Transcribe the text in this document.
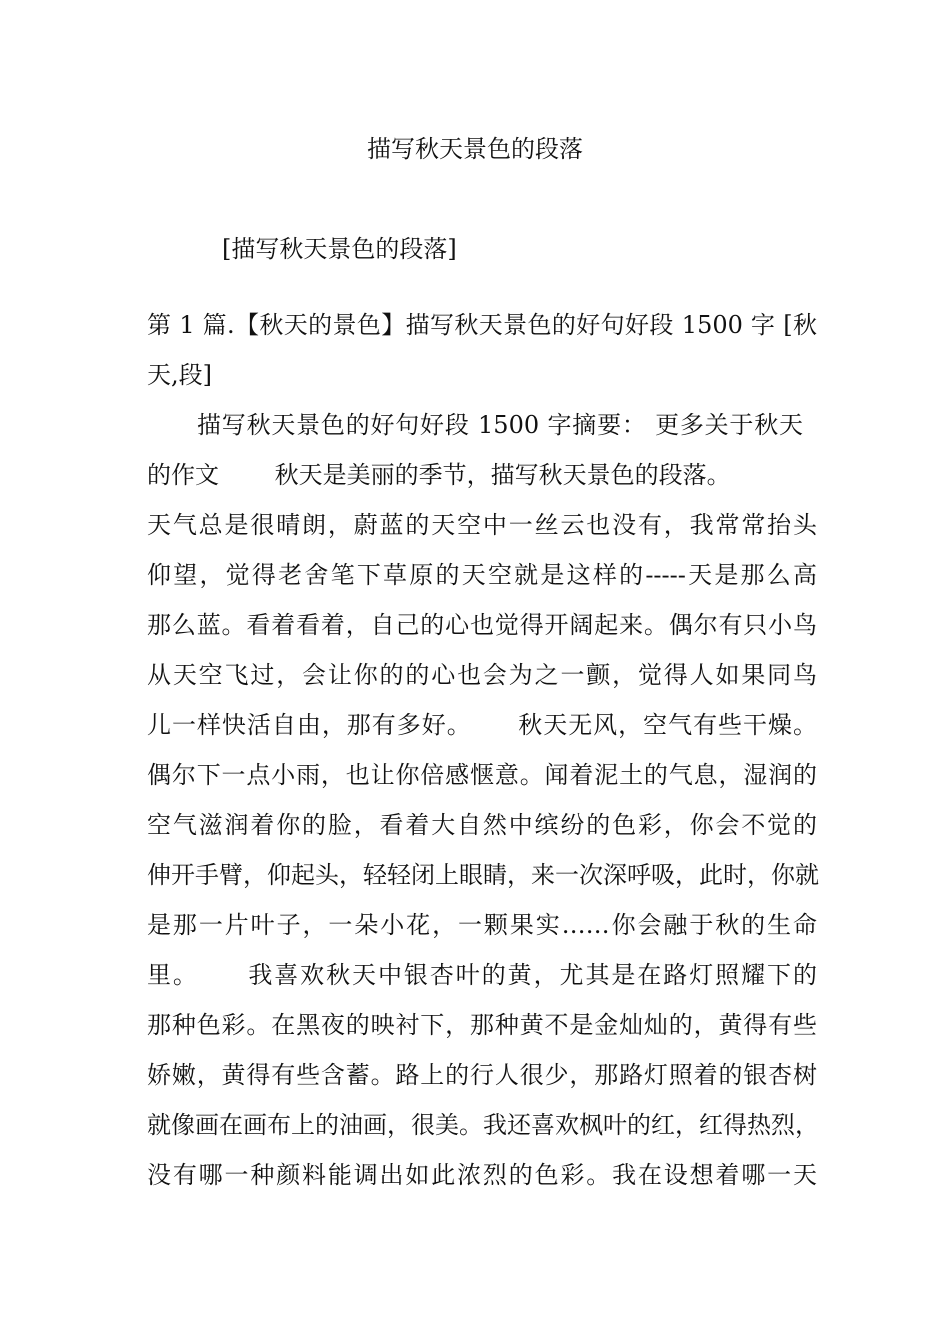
描写秋天景色的段落

[描写秋天景色的段落]

第 1 篇.【秋天的景色】描写秋天景色的好句好段 1500 字 [秋

天,段]

描写秋天景色的好句好段 1500 字摘要： 更多关于秋天

的作文　　 秋天是美丽的季节，描写秋天景色的段落。

天气总是很晴朗，蔚蓝的天空中一丝云也没有，我常常抬头

仰望，觉得老舍笔下草原的天空就是这样的-----天是那么高

那么蓝。看着看着，自己的心也觉得开阔起来。偶尔有只小鸟

从天空飞过，会让你的的心也会为之一颤，觉得人如果同鸟

儿一样快活自由，那有多好。　　 秋天无风，空气有些干燥。

偶尔下一点小雨，也让你倍感惬意。闻着泥土的气息，湿润的

空气滋润着你的脸，看着大自然中缤纷的色彩，你会不觉的

伸开手臂，仰起头，轻轻闭上眼睛，来一次深呼吸，此时，你就

是那一片叶子，一朵小花，一颗果实……你会融于秋的生命

里。　　 我喜欢秋天中银杏叶的黄，尤其是在路灯照耀下的

那种色彩。在黑夜的映衬下，那种黄不是金灿灿的，黄得有些

娇嫩，黄得有些含蓄。路上的行人很少，那路灯照着的银杏树

就像画在画布上的油画，很美。我还喜欢枫叶的红，红得热烈，

没有哪一种颜料能调出如此浓烈的色彩。我在设想着哪一天
